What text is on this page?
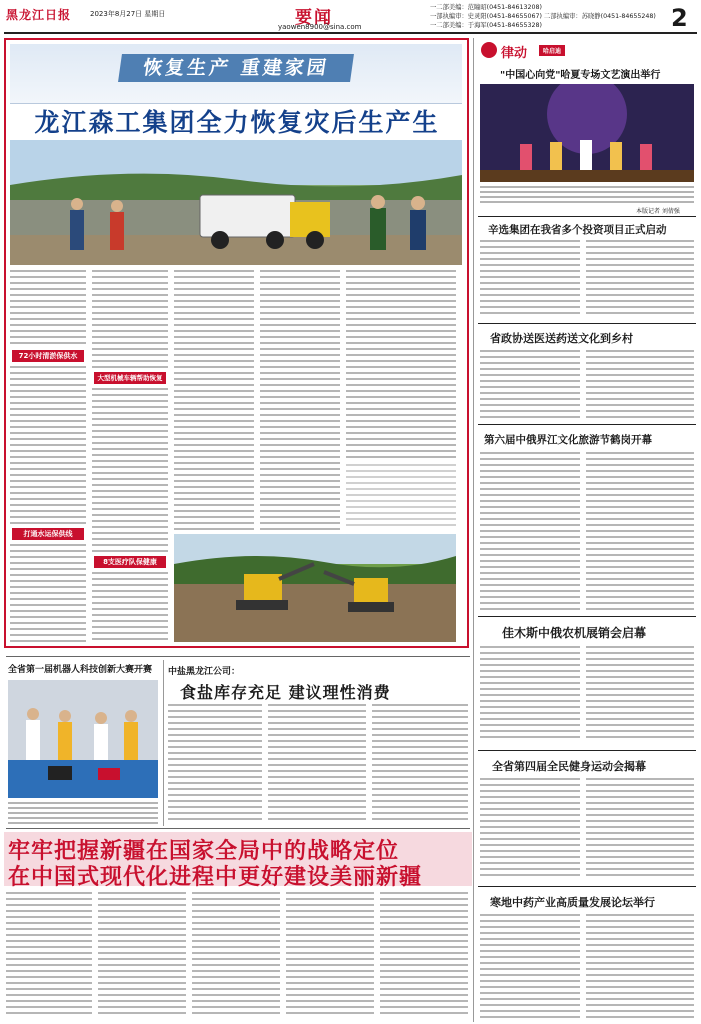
黑龙江日报	2023年8月27日 星期日	要闻
yaowen8900@sina.com
一二部美编：范瞳昭(0451-84613208)
一部执编审：史灵阳(0451-84655067) 二部执编审：苏晓静(0451-84655248)
一二部美编：于海军(0451-84655328)	2
恢复生产 重建家园
龙江森工集团全力恢复灾后生产生
72小时清淤保供水
打通水运保供线
大型机械车辆帮助恢复
8支医疗队保健康
律动	哈启迪
"中国心向党"哈夏专场文艺演出举行
本版记者 刘倩强
辛选集团在我省多个投资项目正式启动
省政协送医送药送文化到乡村
第六届中俄界江文化旅游节鹤岗开幕
佳木斯中俄农机展销会启幕
全省第四届全民健身运动会揭幕
寒地中药产业高质量发展论坛举行
全省第一届机器人科技创新大赛开赛	中盐黑龙江公司：
食盐库存充足 建议理性消费
牢牢把握新疆在国家全局中的战略定位
在中国式现代化进程中更好建设美丽新疆
